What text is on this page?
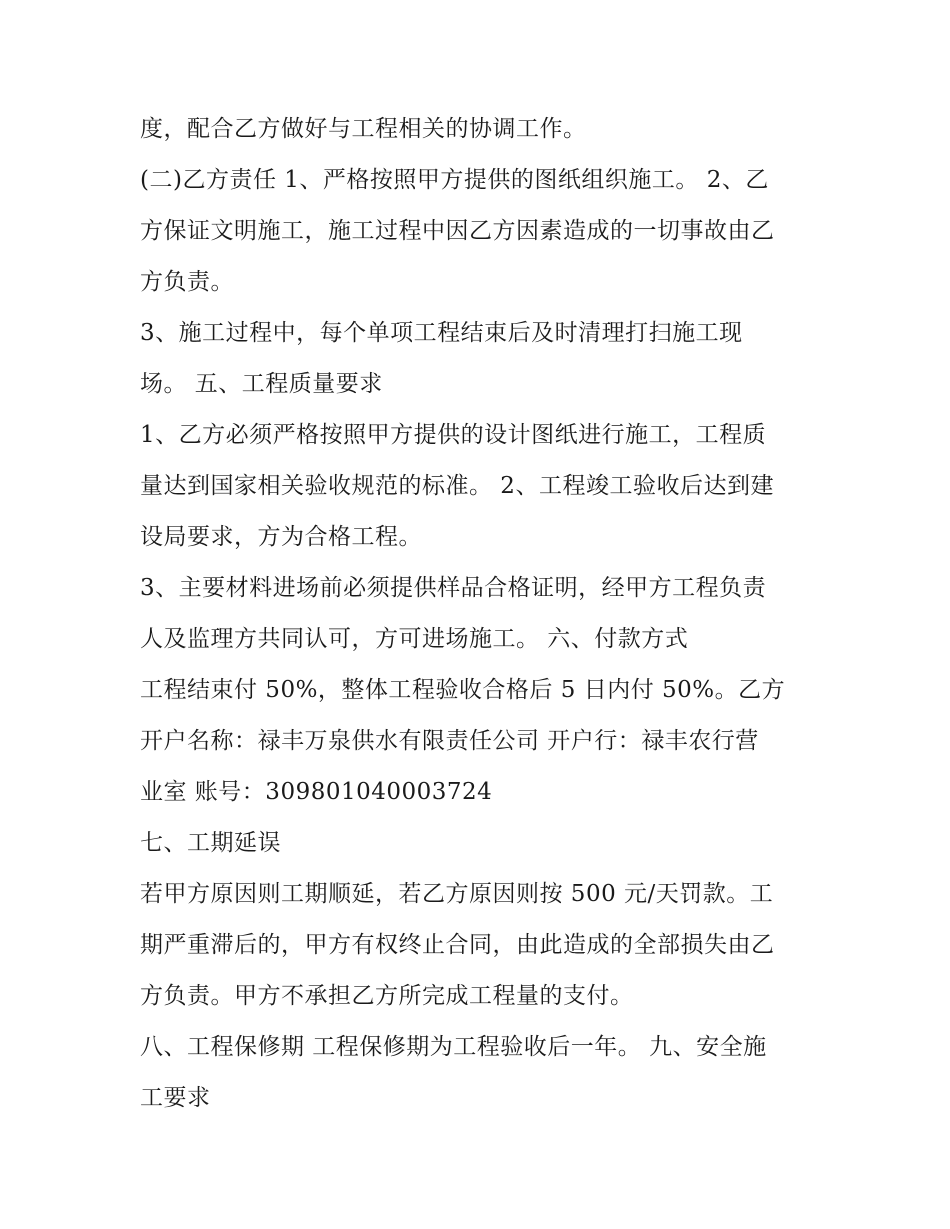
度，配合乙方做好与工程相关的协调工作。
(二)乙方责任 1、严格按照甲方提供的图纸组织施工。 2、乙
方保证文明施工，施工过程中因乙方因素造成的一切事故由乙
方负责。
3、施工过程中，每个单项工程结束后及时清理打扫施工现
场。 五、工程质量要求
1、乙方必须严格按照甲方提供的设计图纸进行施工，工程质
量达到国家相关验收规范的标准。 2、工程竣工验收后达到建
设局要求，方为合格工程。
3、主要材料进场前必须提供样品合格证明，经甲方工程负责
人及监理方共同认可，方可进场施工。 六、付款方式
工程结束付 50%，整体工程验收合格后 5 日内付 50%。乙方
开户名称：禄丰万泉供水有限责任公司 开户行：禄丰农行营
业室 账号：309801040003724
七、工期延误
若甲方原因则工期顺延，若乙方原因则按 500 元/天罚款。工
期严重滞后的，甲方有权终止合同，由此造成的全部损失由乙
方负责。甲方不承担乙方所完成工程量的支付。
八、工程保修期 工程保修期为工程验收后一年。 九、安全施
工要求
